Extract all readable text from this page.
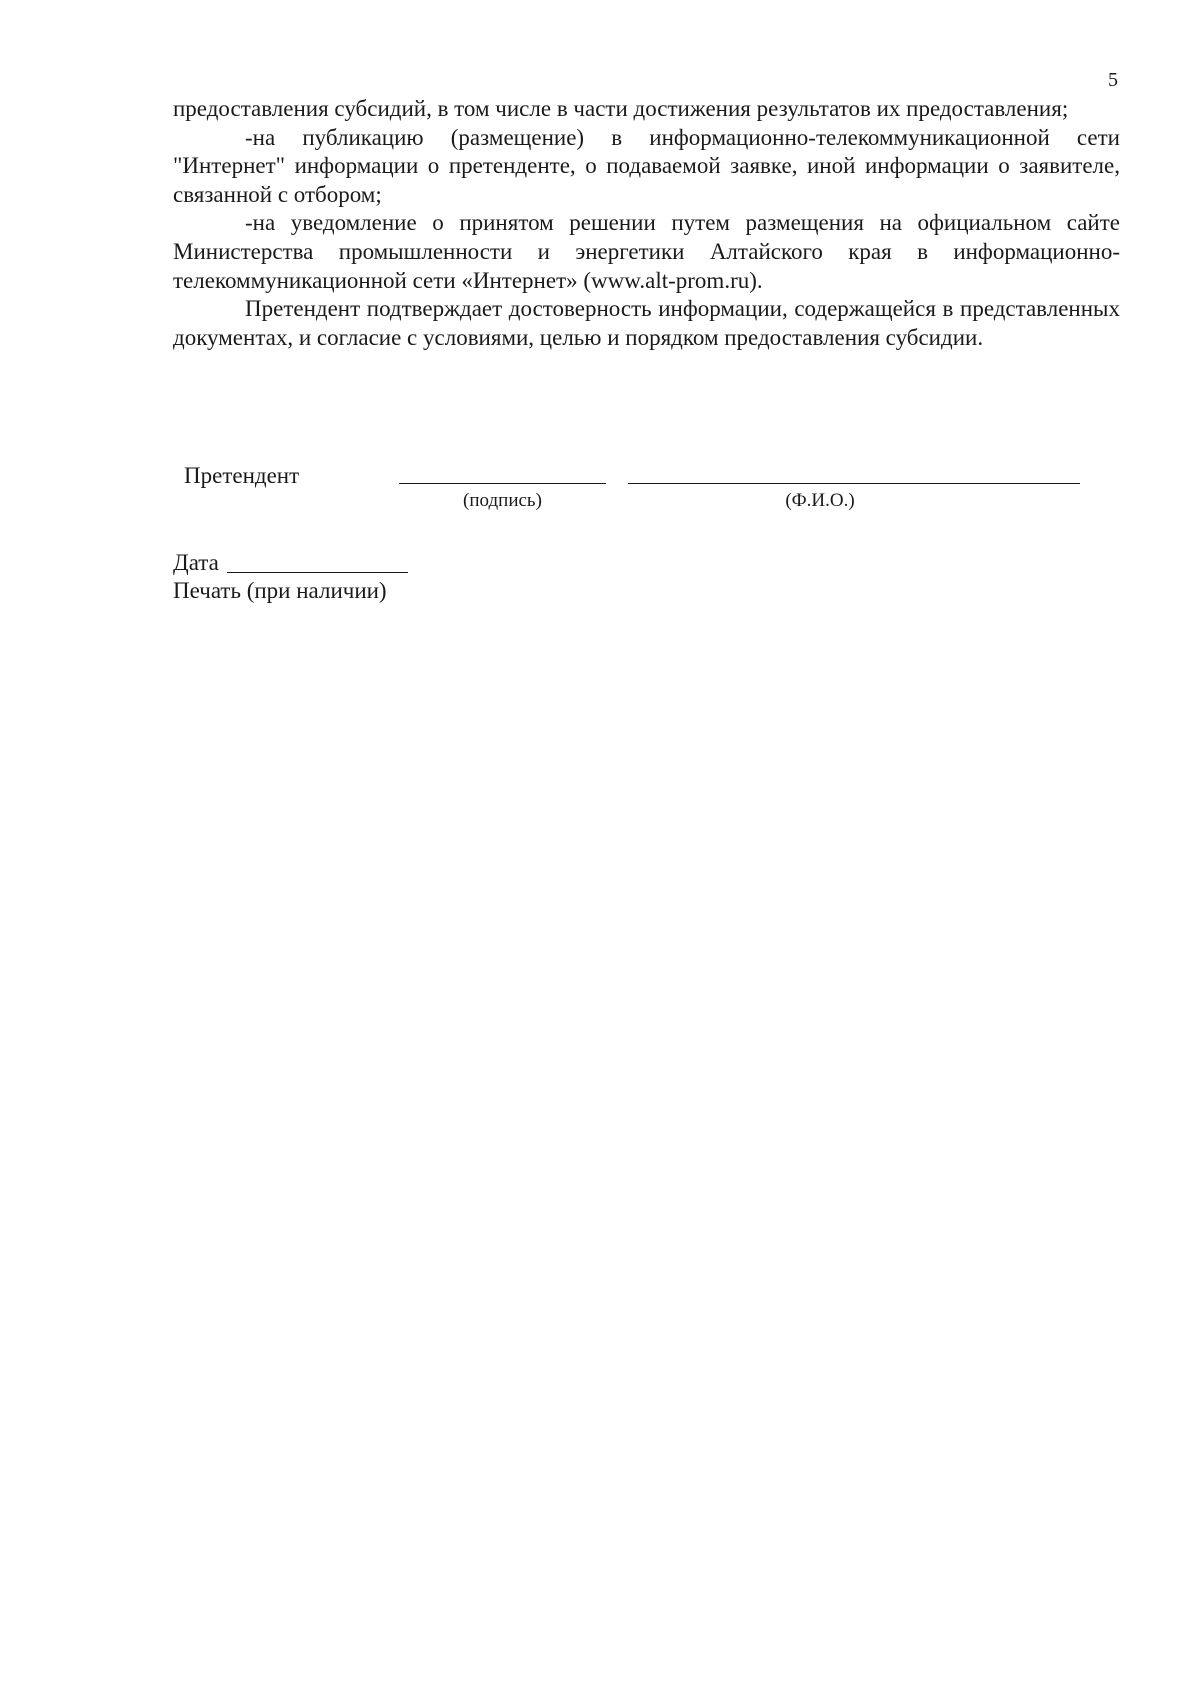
5

предоставления субсидий, в том числе в части достижения результатов их предоставления;

-на публикацию (размещение) в информационно-телекоммуникационной сети "Интернет" информации о претенденте, о подаваемой заявке, иной информации о заявителе, связанной с отбором;

-на уведомление о принятом решении путем размещения на официальном сайте Министерства промышленности и энергетики Алтайского края в информационно-телекоммуникационной сети «Интернет» (www.alt-prom.ru).

Претендент подтверждает достоверность информации, содержащейся в представленных документах, и согласие с условиями, целью и порядком предоставления субсидии.

Претендент
(подпись)	(Ф.И.О.)
Дата
Печать (при наличии)
